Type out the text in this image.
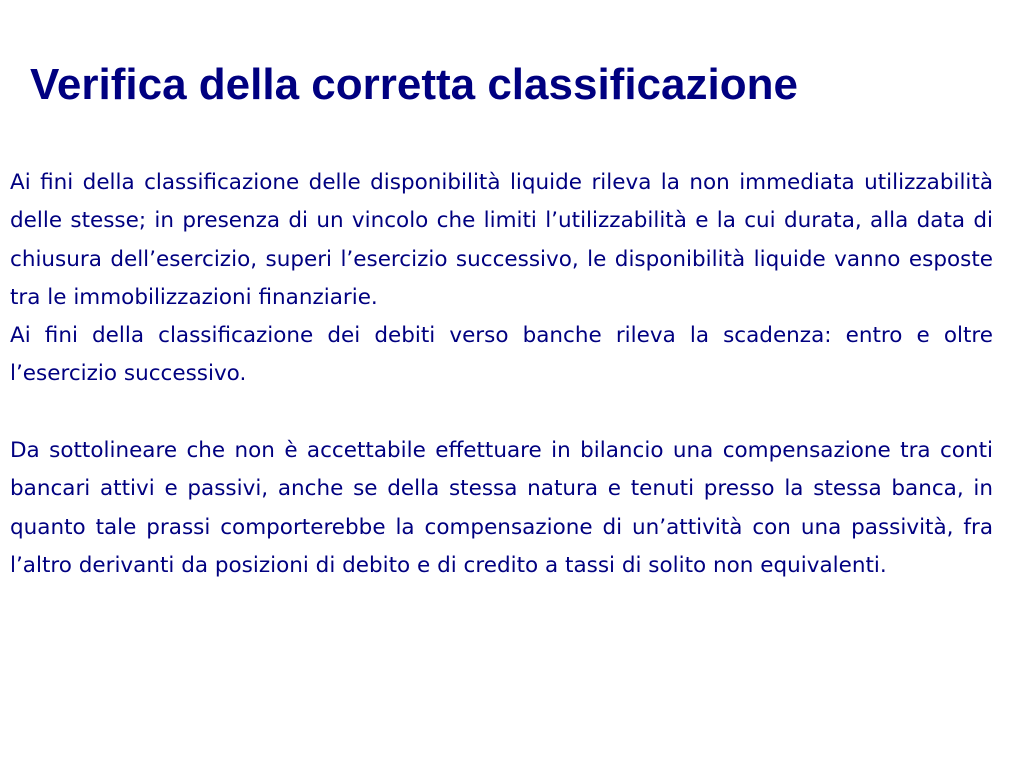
Verifica della corretta classificazione

Ai fini della classificazione delle disponibilità liquide rileva la non immediata utilizzabilità delle stesse; in presenza di un vincolo che limiti l’utilizzabilità e la cui durata, alla data di chiusura dell’esercizio, superi l’esercizio successivo, le disponibilità liquide vanno esposte tra le immobilizzazioni finanziarie.

Ai fini della classificazione dei debiti verso banche rileva la scadenza: entro e oltre l’esercizio successivo.

Da sottolineare che non è accettabile effettuare in bilancio una compensazione tra conti bancari attivi e passivi, anche se della stessa natura e tenuti presso la stessa banca, in quanto tale prassi comporterebbe la compensazione di un’attività con una passività, fra l’altro derivanti da posizioni di debito e di credito a tassi di solito non equivalenti.
